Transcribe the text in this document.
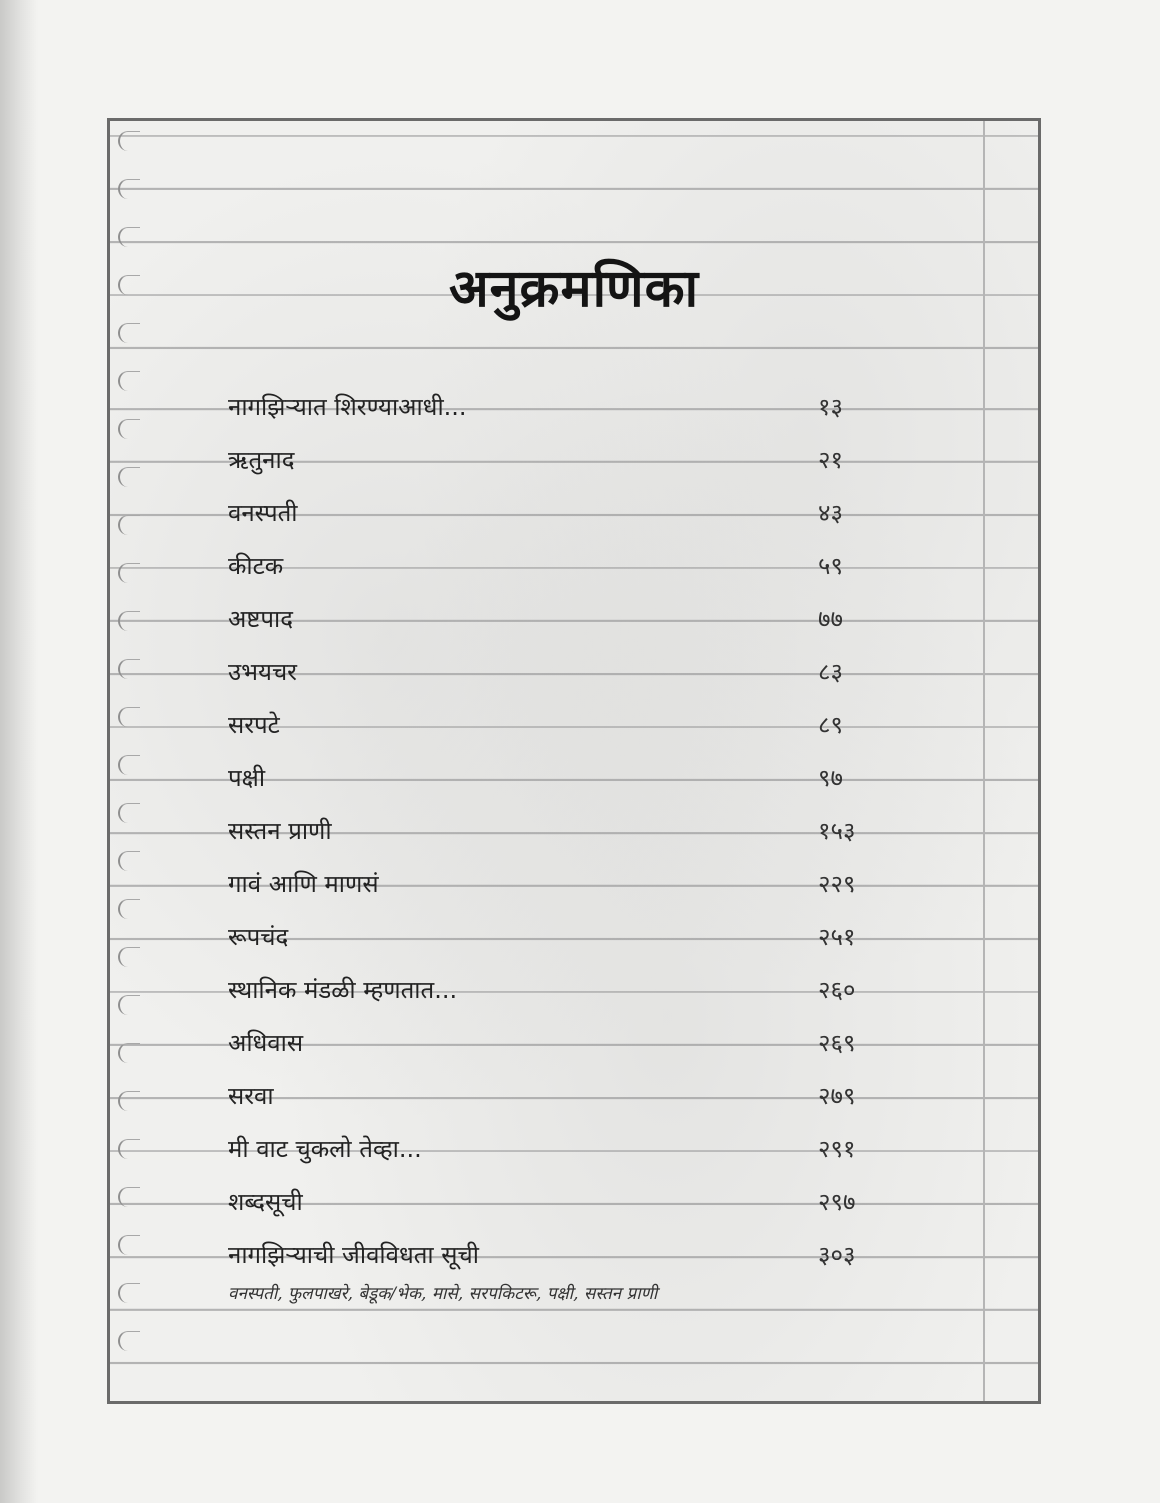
अनुक्रमणिका
नागझिऱ्यात शिरण्याआधी...	१३
ऋतुनाद	२१
वनस्पती	४३
कीटक	५९
अष्टपाद	७७
उभयचर	८३
सरपटे	८९
पक्षी	९७
सस्तन प्राणी	१५३
गावं आणि माणसं	२२९
रूपचंद	२५१
स्थानिक मंडळी म्हणतात...	२६०
अधिवास	२६९
सरवा	२७९
मी वाट चुकलो तेव्हा...	२९१
शब्दसूची	२९७
नागझिऱ्याची जीवविधता सूची	३०३
वनस्पती, फुलपाखरे, बेडूक/भेक, मासे, सरपकिटरू, पक्षी, सस्तन प्राणी
